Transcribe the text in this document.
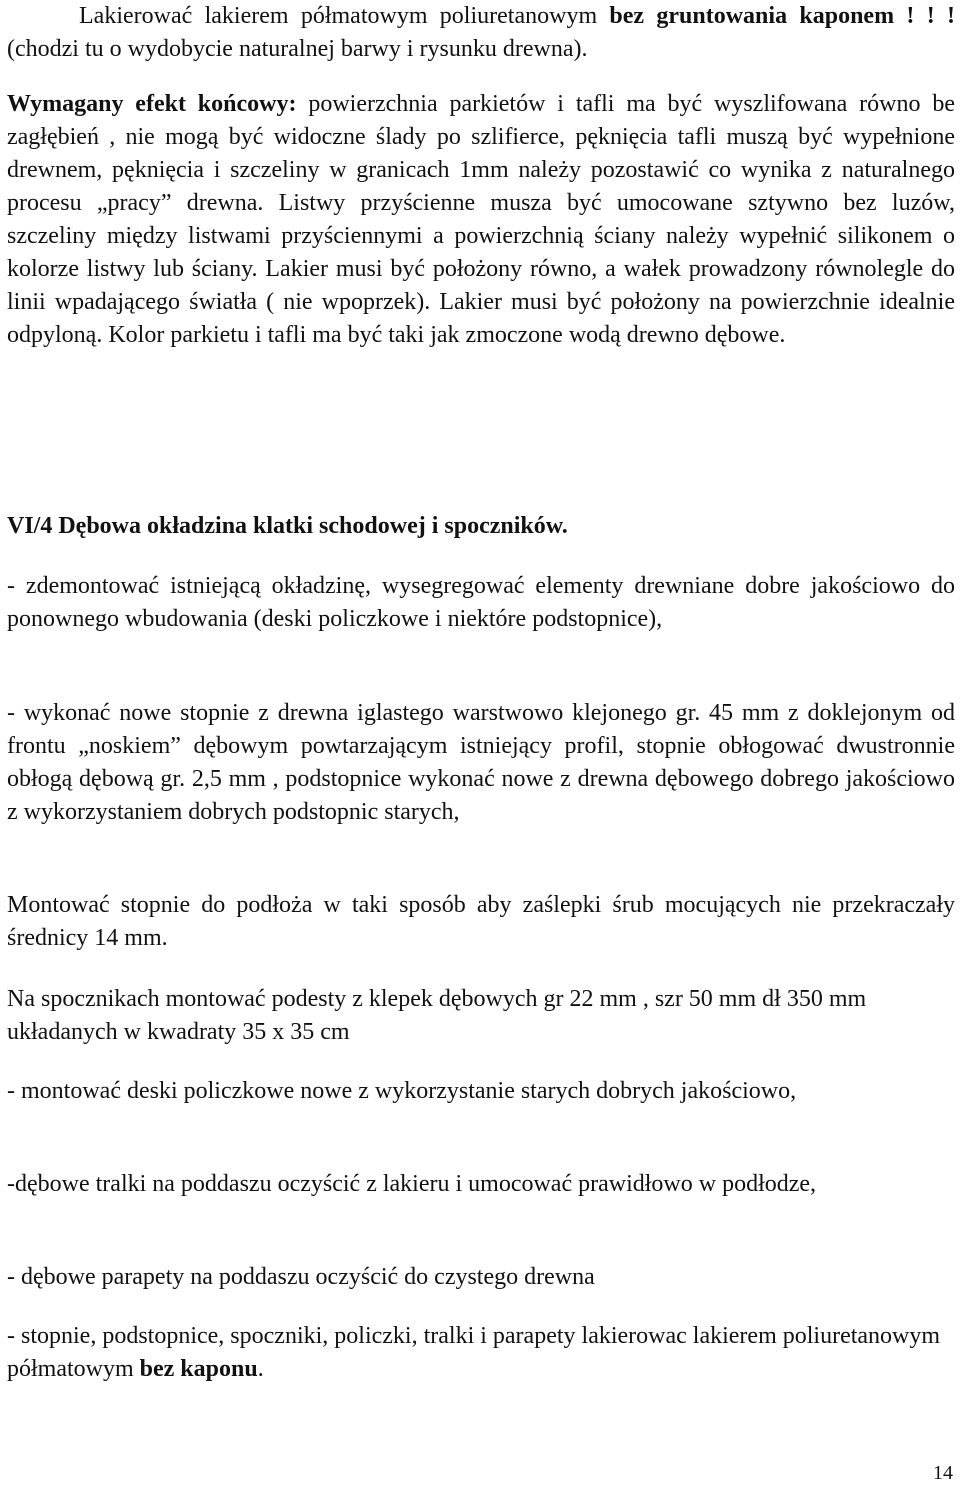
Lakierować lakierem półmatowym poliuretanowym bez gruntowania kaponem ! ! ! (chodzi tu o wydobycie naturalnej barwy i rysunku drewna).

Wymagany efekt końcowy: powierzchnia parkietów i tafli ma być wyszlifowana równo be zagłębień , nie mogą być widoczne ślady po szlifierce, pęknięcia tafli muszą być wypełnione drewnem, pęknięcia i szczeliny w granicach 1mm należy pozostawić co wynika z naturalnego procesu „pracy” drewna. Listwy przyścienne musza być umocowane sztywno bez luzów, szczeliny między listwami przyściennymi a powierzchnią ściany należy wypełnić silikonem o kolorze listwy lub ściany. Lakier musi być położony równo, a wałek prowadzony równolegle do linii wpadającego światła ( nie wpoprzek). Lakier musi być położony na powierzchnie idealnie odpyloną. Kolor parkietu i tafli ma być taki jak zmoczone wodą drewno dębowe.

VI/4 Dębowa okładzina klatki schodowej i spoczników.

- zdemontować istniejącą okładzinę, wysegregować elementy drewniane dobre jakościowo do ponownego wbudowania (deski policzkowe i niektóre podstopnice),

- wykonać nowe stopnie z drewna iglastego warstwowo klejonego gr. 45 mm z doklejonym od frontu „noskiem” dębowym powtarzającym istniejący profil, stopnie obłogować dwustronnie obłogą dębową gr. 2,5 mm , podstopnice wykonać nowe z drewna dębowego dobrego jakościowo z wykorzystaniem dobrych podstopnic starych,

Montować stopnie do podłoża w taki sposób aby zaślepki śrub mocujących nie przekraczały średnicy 14 mm.

Na spocznikach montować podesty z klepek dębowych gr 22 mm , szr 50 mm dł 350 mm układanych w kwadraty 35 x 35 cm

- montować deski policzkowe nowe z wykorzystanie starych dobrych jakościowo,

-dębowe tralki na poddaszu oczyścić z lakieru i umocować prawidłowo w podłodze,

- dębowe parapety na poddaszu oczyścić do czystego drewna

- stopnie, podstopnice, spoczniki, policzki, tralki i parapety lakierowac lakierem poliuretanowym półmatowym bez kaponu.

14
